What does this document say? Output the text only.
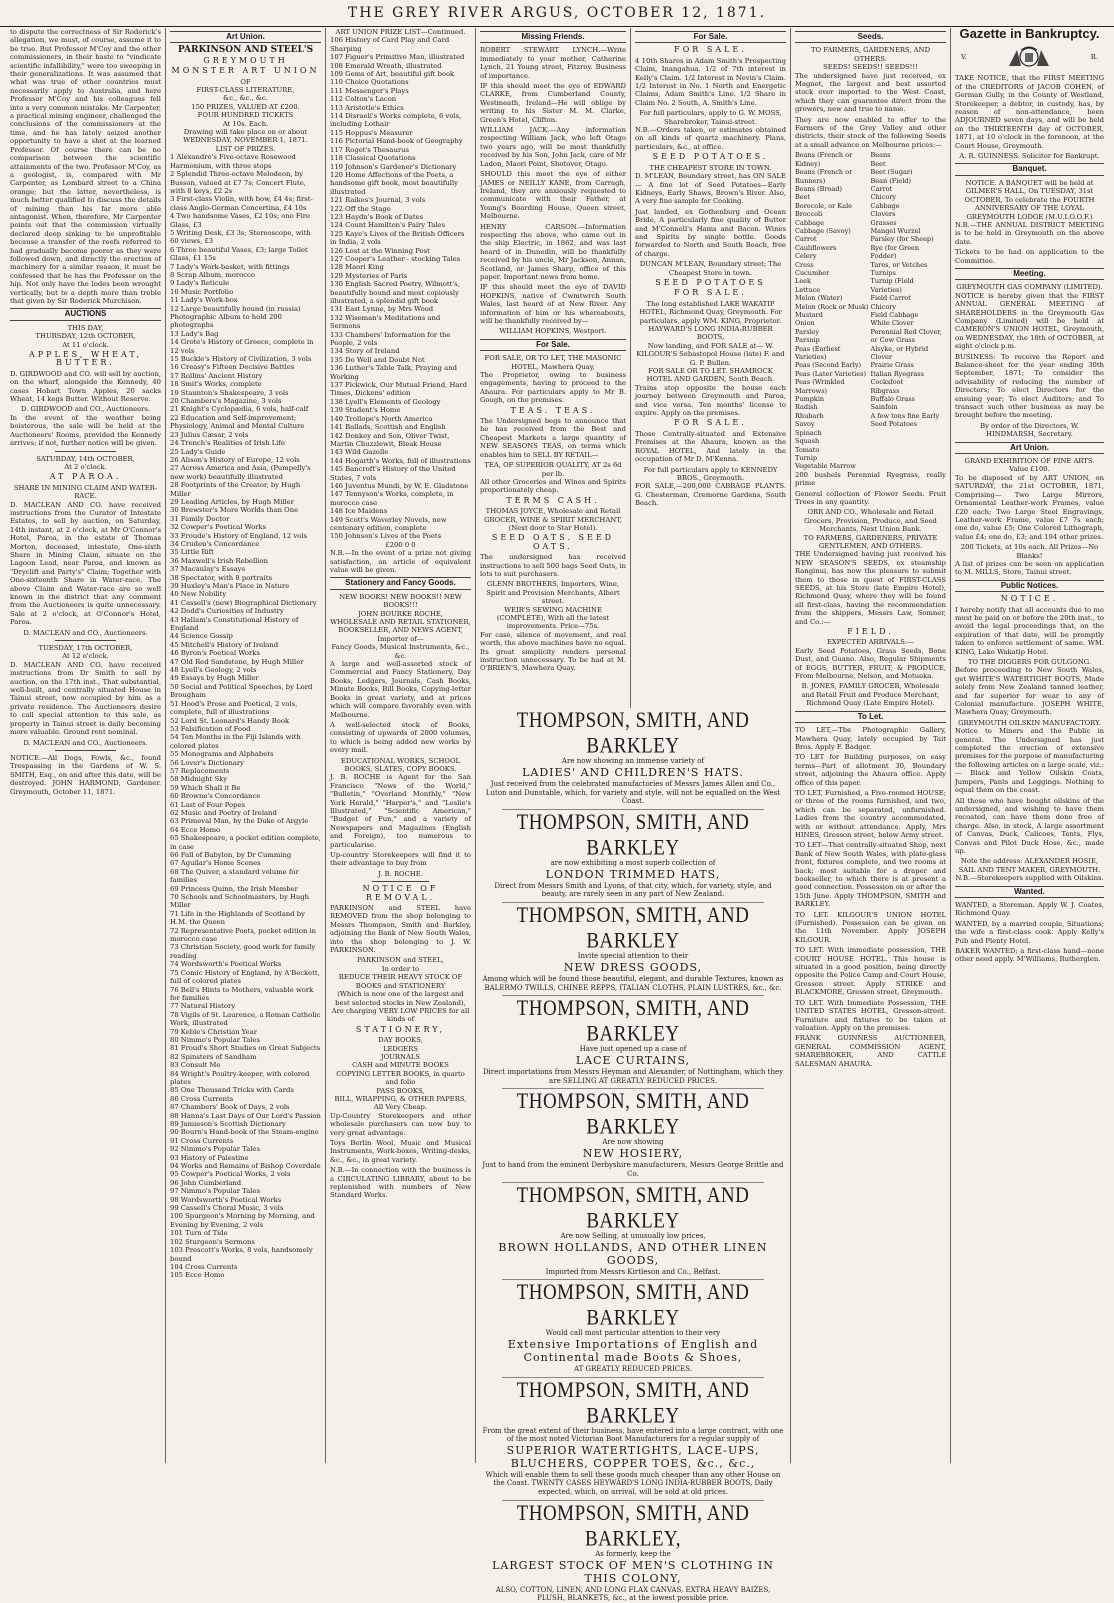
THE GREY RIVER ARGUS, OCTOBER 12, 1871.

to dispute the correctness of Sir Roderick's allegation, we must, of course, assume it to be true. But Professor M'Coy and the other commissioners, in their haste to "vindicate scientific infallibility," were too sweeping in their generalizations. It was assumed that what was true of other countries must necessarily apply to Australia, and here Professor M'Coy and his colleagues fell into a very common mistake. Mr Carpenter, a practical mining engineer, challenged the conclusions of the commissioners at the time, and he has lately seized another opportunity to have a shot at the learned Professor. Of course there can be no comparison between the scientific attainments of the two. Professor M'Coy, as a geologist, is, compared with Mr Carpenter, as Lombard street to a China orange; but the latter, nevertheless, is much better qualified to discuss the details of mining than his far more able antagonist. When, therefore, Mr Carpenter points out that the commission virtually declared deep sinking to be unprofitable because a transfer of the reefs referred to had gradually become poorer as they were followed down, and directly the erection of machinery for a similar reason, it must be confessed that he has the Professor on the hip. Not only have the lodes been wrought vertically, but to a depth more than treble that given by Sir Roderick Murchison.

AUCTIONS
THIS DAY,
THURSDAY, 12th OCTOBER,
At 11 o'clock.
APPLES, WHEAT, BUTTER.

D. GIRDWOOD and CO. will sell by auction, on the wharf, alongside the Kennedy, 40 cases Hobart Town Apples, 20 sacks Wheat, 14 kegs Butter. Without Reserve.

D. GIRDWOOD and CO., Auctioneers.

In the event of the weather being boisterous, the sale will be held at the Auctioneers' Rooms, provided the Kennedy arrives; if not, further notice will be given.

SATURDAY, 14th OCTOBER,
At 2 o'clock.
AT PAROA.
SHARE IN MINING CLAIM AND WATER-RACE.

D. MACLEAN AND CO. have received instructions from the Curator of Intestate Estates, to sell by auction, on Saturday, 14th instant, at 2 o'clock, at Mr O'Connor's Hotel, Paroa, in the estate of Thomas Morton, deceased, intestate, One-sixth Share in Mining Claim, situate on the Lagoon Lead, near Paroa, and known as "Dryclift and Party's" Claim; Together with One-sixteenth Share in Water-race. The above Claim and Water-race are so well known in the district that any comment from the Auctioneers is quite unnecessary. Sale at 2 o'clock, at O'Connor's Hotel, Paroa.

D. MACLEAN and CO., Auctioneers.
TUESDAY, 17th OCTOBER,
At 12 o'clock.

D. MACLEAN AND CO. have received instructions from Dr Smith to sell by auction, on the 17th inst., That substantial, well-built, and centrally situated House in Tainui street, now occupied by him as a private residence. The Auctioneers desire to call special attention to this sale, as property in Tainui street is daily becoming more valuable. Ground rent nominal.

D. MACLEAN and CO., Auctioneers.

NOTICE.—All Dogs, Fowls, &c., found Trespassing in the Gardens of W. S. SMITH, Esq., on and after this date, will be destroyed. JOHN HARMOND, Gardener. Greymouth, October 11, 1871.

Art Union.
PARKINSON AND STEEL'S
GREYMOUTH
MONSTER ART UNION
OF
FIRST-CLASS LITERATURE,
&c., &c., &c.
150 PRIZES, VALUED AT £200.
FOUR HUNDRED TICKETS
At 10s. Each.
Drawing will take place on or about
WEDNESDAY, NOVEMBER 1, 1871.
LIST OF PRIZES.
1 Alexandre's Five-octave Rosewood Harmonium, with three stops
2 Splendid Three-octave Melodeon, by Busson, valued at £7 7s; Concert Flute, with 8 keys, £2 2s
3 First-class Violin, with bow, £4 4s; first-class Anglo-German Concertina, £4 10s
4 Two handsome Vases, £2 10s; one Fire Glass, £3
5 Writing Desk, £3 3s; Stereoscope, with 60 views, £3
6 Three beautiful Vases, £3; large Toilet Glass, £1 15s
7 Lady's Work-basket, with fittings
8 Scrap Album, morocco
9 Lady's Reticule
10 Music Portfolio
11 Lady's Work-box
12 Large beautifully bound (in russia) Photographic Album to hold 200 photographs
13 Lady's Bag
14 Grote's History of Greece, complete in 12 vols
15 Buckle's History of Civilization, 3 vols
16 Creasy's Fifteen Decisive Battles
17 Rollins' Ancient History
18 Smit's Works, complete
19 Staunton's Shakespeare, 3 vols
20 Chambers's Magazine, 3 vols
21 Knight's Cyclopædia, 6 vols, half-calf
22 Education and Self-improvement; Physiology, Animal and Mental Culture
23 Julius Cæsar, 2 vols
24 Trench's Realities of Irish Life
25 Lady's Guide
26 Alison's History of Europe, 12 vols
27 Across America and Asia, (Pumpelly's new work) beautifully illustrated
28 Footprints of the Creator, by Hugh Miller
29 Leading Articles, by Hugh Miller
30 Brewster's More Worlds than One
31 Family Doctor
32 Cowper's Poetical Works
33 Froude's History of England, 12 vols
34 Cruden's Concordance
35 Little Rift
36 Maxwell's Irish Rebellion
37 Macaulay's Essays
38 Spectator, with 8 portraits
39 Huxley's Man's Place in Nature
40 New Nobility
41 Cassell's (new) Biographical Dictionary
42 Dodd's Curiosities of Industry
43 Hallam's Constitutional History of England
44 Science Gossip
45 Mitchell's History of Ireland
46 Byron's Poetical Works
47 Old Red Sandstone, by Hugh Miller
48 Lyell's Geology, 2 vols
49 Essays by Hugh Miller
50 Social and Political Speeches, by Lord Brougham
51 Hood's Prose and Poetical, 2 vols, complete, full of illustrations
52 Lord St. Leonard's Handy Book
53 Falsification of Food
54 Ten Months in the Fiji Islands with colored plates
55 Monograms and Alphabets
56 Lover's Dictionary
57 Replacements
58 Midnight Sky
59 Which Shall it Be
60 Browne's Concordance
61 Last of Four Popes
62 Music and Poetry of Ireland
63 Primeval Man, by the Duke of Argyle
64 Ecce Homo
65 Shakespeare, a pocket edition complete, in case
66 Fall of Babylon, by Dr Cumming
67 Aguilar's Home Scenes
68 The Quiver, a standard volume for families
69 Princess Quinn, the Irish Member
70 Schools and Schoolmasters, by Hugh Miller
71 Life in the Highlands of Scotland by H.M. the Queen
72 Representative Poets, pocket edition in morocco case
73 Christian Society, good work for family reading
74 Wordsworth's Poetical Works
75 Comic History of England, by A'Beckett, full of colored plates
76 Bell's Hints to Mothers, valuable work for families
77 Natural History
78 Vigils of St. Laurence, a Roman Catholic Work, illustrated
79 Keble's Christian Year
80 Nimmo's Popular Tales
81 Froud's Short Studies on Great Subjects
82 Spinsters of Sandham
83 Consult Me
84 Wright's Poultry-keeper, with colored plates
85 One Thousand Tricks with Cards
86 Cross Currents
87 Chambers' Book of Days, 2 vols
88 Hanna's Last Days of Our Lord's Passion
89 Jamieson's Scottish Dictionary
90 Bourn's Hand-book of the Steam-engine
91 Cross Currents
92 Nimmo's Popular Tales
93 History of Palestine
94 Works and Remains of Bishop Coverdale
95 Cowper's Poetical Works, 2 vols
96 John Cumberland
97 Nimmo's Popular Tales
98 Wordsworth's Poetical Works
99 Cassell's Choral Music, 3 vols
100 Spurgeon's Morning by Morning, and Evening by Evening, 2 vols
101 Turn of Tide
102 Sturgeon's Sermons
103 Prescott's Works, 8 vols, handsomely bound
104 Cross Currents
105 Ecce Homo
ART UNION PRIZE LIST—Continued.
106 History of Card Play and Card Sharping
107 Figuer's Primitive Man, illustrated
108 Emerald Wreath, illustrated
109 Gems of Art, beautiful gift book
110 Choice Quotations
111 Messenger's Plays
112 Colton's Lacon
113 Aristotle's Ethics
114 Disraeli's Works complete, 6 vols, including Lothair
115 Hoppus's Measurer
116 Pictorial Hand-book of Geography
117 Roget's Thesaurus
118 Classical Quotations
119 Johnson's Gardener's Dictionary
120 Home Affections of the Poets, a handsome gift book, most beautifully illustrated
121 Raikes's Journal, 3 vols
122 Off the Stage
123 Haydn's Book of Dates
124 Count Hamilton's Fairy Tales
125 Kaye's Lives of the British Officers in India, 2 vols
126 Lost at the Winning Post
127 Cooper's Leather - stocking Tales
128 Maori King
129 Mysteries of Paris
130 English Sacred Poetry, Wilmott's, beautifully bound and most copiously illustrated, a splendid gift book
131 East Lynne, by Mrs Wood
132 Wiseman's Meditations and Sermons
133 Chambers' Information for the People, 2 vols
134 Story of Ireland
135 Do Well and Doubt Not
136 Luther's Table Talk, Praying and Working
137 Pickwick, Our Mutual Friend, Hard Times, Dickens' edition
138 Lyell's Elements of Geology
139 Student's Home
140 Trollope's North America
141 Ballads, Scottish and English
142 Donkey and Son, Oliver Twist, Martin Chuzzlewit, Bleak House
143 Wild Gazelle
144 Hogarth's Works, full of illustrations
145 Bancroft's History of the United States, 7 vols
146 Juventus Mundi, by W. E. Gladstone
147 Tennyson's Works, complete, in morocco case
148 Ice Maidens
149 Scott's Waverley Novels, new centenary edition, complete
150 Johnson's Lives of the Poets
£200 0 0

N.B.—In the event of a prize not giving satisfaction, an article of equivalent value will be given.

Stationery and Fancy Goods.
NEW BOOKS! NEW BOOKS!! NEW BOOKS!!!
JOHN BOURKE ROCHE,
WHOLESALE AND RETAIL STATIONER, BOOKSELLER, AND NEWS AGENT,
Importer of—
Fancy Goods, Musical Instruments, &c., &c.

A large and well-assorted stock of Commercial and Fancy Stationery, Day Books, Ledgers, Journals, Cash Books, Minute Books, Bill Books, Copying-letter Books in great variety, and at prices which will compare favorably even with Melbourne.

A well-selected stock of Books, consisting of upwards of 2000 volumes, to which is being added new works by every mail.

EDUCATIONAL WORKS, SCHOOL BOOKS, SLATES, COPY BOOKS.

J. B. ROCHE is Agent for the San Francisco "News of the World," "Bulletin," "Overland Monthly," "New York Herald," "Harper's," and "Leslie's Illustrated," "Scientific American," "Budget of Fun," and a variety of Newspapers and Magazines (English and Foreign), too numerous to particularise.

Up-country Storekeepers will find it to their advantage to buy from

J. B. ROCHE.
NOTICE OF REMOVAL.

PARKINSON and STEEL have REMOVED from the shop belonging to Messrs Thompson, Smith and Barkley, adjoining the Bank of New South Wales, into the shop belonging to J. W. PARKINSON.

PARKINSON and STEEL,
In order to
REDUCE THEIR HEAVY STOCK OF
BOOKS and STATIONERY
(Which is now one of the largest and best selected stocks in New Zealand),
Are charging VERY LOW PRICES for all kinds of
STATIONERY,
DAY BOOKS,
LEDGERS
JOURNALS
CASH and MINUTE BOOKS
COPYING LETTER BOOKS, in quarto and folio
PASS BOOKS,
BILL, WRAPPING, & OTHER PAPERS, All Very Cheap.

Up-Country Storekeepers and other wholesale purchasers can now buy to very great advantage.

Toys Berlin Wool, Music and Musical Instruments, Work-boxes, Writing-desks, &c., &c., in great variety.

N.B.—In connection with the business is a CIRCULATING LIBRARY, about to be replenished with numbers of New Standard Works.

Missing Friends.

ROBERT STEWART LYNCH.—Write immediately to your mother, Catherine Lynch, 21 Young street, Fitzroy. Business of importance.

IF this should meet the eye of EDWARD CLARKE, from Cumberland County, Westmeath, Ireland—He will oblige by writing to his Sister M. M. Clarke, Green's Hotel, Clifton.

WILLIAM JACK.—Any information respecting William Jack, who left Otago two years ago, will be most thankfully received by his Son, John Jack, care of Mr Ladon, Maori Point, Shotover, Otago.

SHOULD this meet the eye of either JAMES or NEILLY KANE, from Carragh, Ireland, they are anxiously requested to communicate with their Father, at Young's Boarding House, Queen street, Melbourne.

HENRY CARSON.—Information respecting the above, who came out in the ship Electric, in 1862, and was last heard of in Dunedin, will be thankfully received by his uncle, Mr Jackson, Annan, Scotland, or James Sharp, office of this paper. Important news from home.

IF this should meet the eye of DAVID HOPKINS, native of Cwmtwrch South Wales, last heard of at New River. Any information of him or his whereabouts, will be thankfully received by—

WILLIAM HOPKINS, Westport.
For Sale.
FOR SALE, OR TO LET, THE MASONIC HOTEL, Mawhera Quay,

The Proprietor, owing to business engagements, having to proceed to the Ahaura. For particulars apply to Mr B. Gough, on the premises.

TEAS. TEAS.

The Undersigned begs to announce that he has received from the Best and Cheapest Markets a large quantity of NEW SEASONS TEAS, on terms which enables him to SELL BY RETAIL—

TEA, OF SUPERIOR QUALITY, AT 2s 6d per lb.

All other Groceries and Wines and Spirits proportionately cheap.

TERMS CASH.
THOMAS JOYCE, Wholesale and Retail GROCER, WINE & SPIRIT MERCHANT, (Next door to Star Hotel).
SEED OATS. SEED OATS.

The undersigned has received instructions to sell 500 bags Seed Oats, in lots to suit purchasers.

GLENN BROTHERS, Importers, Wine, Spirit and Provision Merchants, Albert street.
WEIR'S SEWING MACHINE (COMPLETE), With all the latest improvements. Price—75s.

For case, silence of movement, and real worth, the above machines have no equal. Its great simplicity renders personal instruction unnecessary. To be had at M. O'BRIEN'S, Mawhera Quay.

For Sale.
FOR SALE.

4 10th Shares in Adam Smith's Prospecting Claim, Inangahua. 1/2 of 7th interest in Kelly's Claim. 1/2 Interest in Nevin's Claim. 1/2 Interest in No. 1 North and Energetic Claims, Adam Smith's Line. 1/2 Share in Claim No. 2 South, A. Smith's Line.

For full particulars, apply to G. W. MOSS, Sharebroker, Tainui-street.

N.B.—Orders taken, or estimates obtained on all kinds of quartz machinery. Plans, particulars, &c., at office.

SEED POTATOES.
THE CHEAPEST STORE IN TOWN.

D. M'LEAN, Boundary street, has ON SALE— A fine lot of Seed Potatoes—Early Kidneys, Early Shaws, Brown's River. Also, A very fine sample for Cooking.

Just landed, ex Gothenburg and Ocean Bride, A particularly fine quality of Butter and M'Connell's Hams and Bacon. Wines and Spirits by single bottle. Goods forwarded to North and South Beach, free of charge.

DUNCAN M'LEAN, Boundary street; The Cheapest Store in town.
SEED POTATOES
FOR SALE.
The long established LAKE WAKATIP HOTEL, Richmond Quay, Greymouth. For particulars, apply WM. KING, Proprietor.
HAYWARD'S LONG INDIA-RUBBER BOOTS,
Now landing, and FOR SALE at— W. KILGOUR'S Sebastopol House (late) F. and G. P. Bullen.
FOR SALE OR TO LET. SHAMROCK HOTEL AND GARDEN, South Beach.

Trains stop opposite the house each journey between Greymouth and Paroa, and vice versa. Ten months' license to expire. Apply on the premises.

FOR SALE.

Those Centrally-situated and Extensive Premises at the Ahaura, known as the ROYAL HOTEL, And lately in the occupation of Mr D. M'Kenna.

For full particulars apply to KENNEDY BROS., Greymouth.

FOR SALE,—200,000 CABBAGE PLANTS. G. Chesterman, Cremorne Gardens, South Beach.

THOMPSON, SMITH, AND BARKLEY
Are now showing an immense variety of
LADIES' AND CHILDREN'S HATS.
Just received from the celebrated manufactories of Messrs James Allen and Co., Luton and Dunstable, which, for variety and style, will not be equalled on the West Coast.
THOMPSON, SMITH, AND BARKLEY
are now exhibiting a most superb collection of
LONDON TRIMMED HATS,
Direct from Messrs Smith and Lyons, of that city, which, for variety, style, and beauty, are rarely seen in any part of New Zealand.
THOMPSON, SMITH, AND BARKLEY
Invite special attention to their
NEW DRESS GOODS,
Among which will be found those beautiful, elegant, and durable Textures, known as BALERMO TWILLS, CHINEE REPPS, ITALIAN CLOTHS, PLAIN LUSTRES, &c., &c.
THOMPSON, SMITH, AND BARKLEY
Have just opened up a case of
LACE CURTAINS,
Direct importations from Messrs Heyman and Alexander, of Nottingham, which they are SELLING AT GREATLY REDUCED PRICES.
THOMPSON, SMITH, AND BARKLEY
Are now showing
NEW HOSIERY,
Just to hand from the eminent Derbyshire manufacturers, Messrs George Brittle and Co.
THOMPSON, SMITH, AND BARKLEY
Are now Selling, at unusually low prices,
BROWN HOLLANDS, AND OTHER LINEN GOODS,
Imported from Messrs Kirtleson and Co., Belfast.
THOMPSON, SMITH, AND BARKLEY
Would call most particular attention to their very
Extensive Importations of English and Continental made Boots & Shoes,
AT GREATLY REDUCED PRICES.
THOMPSON, SMITH, AND BARKLEY
From the great extent of their business, have entered into a large contract, with one of the most noted Victorian Boot Manufacturers for a regular supply of
SUPERIOR WATERTIGHTS, LACE-UPS, BLUCHERS, COPPER TOES, &c., &c.,
Which will enable them to sell these goods much cheaper than any other House on the Coast. TWENTY CASES HEYWARD'S LONG INDIA-RUBBER BOOTS, Daily expected, which, on arrival, will be sold at old prices.
THOMPSON, SMITH, AND BARKLEY,
As formerly, keep the
LARGEST STOCK OF MEN'S CLOTHING IN THIS COLONY,
ALSO, COTTON, LINEN, AND LONG FLAX CANVAS, EXTRA HEAVY BAIZES, PLUSH, BLANKETS, &c., at the lowest possible price.
Seeds.
TO FARMERS, GARDENERS, AND OTHERS.
SEEDS! SEEDS!! SEEDS!!!

The undersigned have just received, ex Magnet, the largest and best assorted stock ever imported to the West Coast, which they can guarantee direct from the growers, new and true to name.

They are now enabled to offer to the Farmers of the Grey Valley and other districts, their stock of the following Seeds at a small advance on Melbourne prices:—

Beans (French or Kidney)
Beans (French or Runners)
Beans (Broad)
Beet
Borecole, or Kale
Broccoli
Cabbage
Cabbage (Savoy)
Carrot
Cauliflowers
Celery
Cress
Cucumber
Leek
Lettuce
Melon (Water)
Melon (Rock or Musk)
Mustard
Onion
Parsley
Parsnip
Peas (Earliest Varieties)
Peas (Second Early)
Peas (Later Varieties)
Peas (Wrinkled Marrows)
Pumpkin
Radish
Rhubarb
Savoy
Spinach
Squash
Tomato
Turnip
Vegetable Marrow
Beans
Beet
Beet (Sugar)
Bean (Field)
Carrot
Chicory
Cabbage
Clovers
Grasses
Mangel Wurzel
Parsley (for Sheep)
Rye (for Green Fodder)
Tares, or Vetches
Turnips
Turnip (Field Varieties)
Field Carrot
Chicory
Field Cabbage
White Clover
Perennial Red Clover, or Cow Grass
Alsyke, or Hybrid Clover
Prairie Grass
Italian Ryegrass
Cocksfoot
Ribgrass
Buffalo Grass
Sainfoin
A few tons fine Early Seed Potatoes

200 bushels Perennial Ryegrass, really prime

General collection of Flower Seeds. Fruit Trees in any quantity.

ORR AND CO., Wholesale and Retail Grocers, Provision, Produce, and Seed Merchants, Next Union Bank.
TO FARMERS, GARDENERS, PRIVATE GENTLEMEN, AND OTHERS.

THE Undersigned having just received his NEW SEASON'S SEEDS, ex steamship Ranginui, has now the pleasure to submit them to those in quest of FIRST-CLASS SEEDS, at his Store (late Empire Hotel), Richmond Quay, where they will be found all first-class, having the recommendation from the shippers, Messrs Law, Somner, and Co.:—

FIELD.
EXPECTED ARRIVALS:—

Early Seed Potatoes, Grass Seeds, Bone Dust, and Guano. Also, Regular Shipments of EGGS, BUTTER, FRUIT, & PRODUCE, From Melbourne, Nelson, and Motueka.

B. JONES, FAMILY GROCER, Wholesale and Retail Fruit and Produce Merchant, Richmond Quay (Late Empire Hotel).
To Let.

TO LET,—The Photographic Gallery, Mawhera Quay, lately occupied by Tait Bros. Apply F. Badger.

TO LET for Building purposes, on easy terms—Part of allotment 30, Boundary street, adjoining the Ahaura office. Apply office of this paper.

TO LET, Furnished, a Five-roomed HOUSE; or three of the rooms furnished, and two, which can be separated, unfurnished. Ladies from the country accommodated, with or without attendance. Apply, Mrs HINES, Gresson street, below Army street.

TO LET—That centrally-situated Shop, next Bank of New South Wales, with plate-glass front, fixtures complete, and two rooms at back; most suitable for a draper and bookseller, to which there is at present a good connection. Possession on or after the 15th June. Apply THOMPSON, SMITH and BARKLEY.

TO LET. KILGOUR'S UNION HOTEL (Furnished). Possession can be given on the 11th November. Apply JOSEPH KILGOUR.

TO LET. With immediate possession, THE COURT HOUSE HOTEL. This house is situated in a good position, being directly opposite the Police Camp and Court House, Gresson street. Apply STRIKE and BLACKMORE, Gresson street, Greymouth.

TO LET. With Immediate Possession, THE UNITED STATES HOTEL, Gresson-street. Furniture and fixtures to be taken at valuation. Apply on the premises.

FRANK GUINNESS AUCTIONEER, GENERAL COMMISSION AGENT, SHAREBROKER, AND CATTLE SALESMAN AHAURA.

Gazette in Bankruptcy.
V.	R.

TAKE NOTICE, that the FIRST MEETING of the CREDITORS of JACOB COHEN, of German Gully, in the County of Westland, Storekeeper, a debtor, in custody, has, by reason of non-attendance, been ADJOURNED seven days, and will be held on the THIRTEENTH day of OCTOBER, 1871, at 10 o'clock in the forenoon, at the Court House, Greymouth.

A. R. GUINNESS. Solicitor for Bankrupt.
Banquet.
NOTICE. A BANQUET will be held at GILMER'S HALL, On TUESDAY, 31st OCTOBER, To celebrate the FOURTH ANNIVERSARY OF THE LOYAL GREYMOUTH LODGE (M.U.I.O.O.F.)

N.B.—THE ANNUAL DISTRICT MEETING is to be held in Greymouth on the above date.

Tickets to be had on application to the Committee.

Meeting.
GREYMOUTH GAS COMPANY (LIMITED).

NOTICE is hereby given that the FIRST ANNUAL GENERAL MEETING of SHAREHOLDERS in the Greymouth Gas Company (Limited) will be held at CAMERON'S UNION HOTEL, Greymouth, on WEDNESDAY, the 18th of OCTOBER, at eight o'clock p.m.

BUSINESS: To receive the Report and Balance-sheet for the year ending 30th September, 1871; To consider the advisability of reducing the number of Directors; To elect Directors for the ensuing year; To elect Auditors; and To transact such other business as may be brought before the meeting.

By order of the Directors, W. HINDMARSH, Secretary.
Art Union.
GRAND EXHIBITION OF FINE ARTS.
Value £100.

To be disposed of by ART UNION, on SATURDAY, the 21st OCTOBER, 1871, Comprising— Two Large Mirrors, Ornamental Leather-work Frames, value £20 each; Two Large Steel Engravings, Leather-work Frame, value £7 7s each; one do, value £5; One Colored Lithograph, value £4; one do, £3; and 194 other prizes.

200 Tickets, at 10s each. All Prizes—No Blanks!

A list of prizes can be seen on application to M. MILLS, Store, Tainui street.

Public Notices.
NOTICE.

I hereby notify that all accounts due to me must be paid on or before the 20th inst., to avoid the legal proceedings that, on the expiration of that date, will be promptly taken to enforce settlement of same. WM. KING, Lake Wakatip Hotel.

TO THE DIGGERS FOR GULGONG.

Before proceeding to New South Wales, get WHITE'S WATERTIGHT BOOTS, Made solely from New Zealand tanned leather, and far superior for wear to any of Colonial manufacture. JOSEPH WHITE, Mawhera Quay, Greymouth.

GREYMOUTH OILSKIN MANUFACTORY.

Notice to Miners and the Public in general. The Undersigned has just completed the erection of extensive premises for the purpose of manufacturing the following articles on a large scale, viz.:— Black and Yellow Oilskin Coats, Jumpers, Pants and Leggings. Nothing to equal them on the coast.

All those who have bought oilskins of the undersigned, and wishing to have them recoated, can have them done free of charge. Also, in stock, A large assortment of Canvas, Duck, Calicoes, Tents, Flys, Canvas and Pilot Duck Hose, &c., made up.

Note the address: ALEXANDER HOSIE, SAIL AND TENT MAKER, GREYMOUTH. N.B.—Storekeepers supplied with Oilskins.
Wanted.

WANTED, a Storeman. Apply W. J. Coates, Richmond Quay.

WANTED, by a married couple, Situations; the wife a first-class cook. Apply Kelly's Pub and Plenty Hotel.

BAKER WANTED; a first-class hand—none other need apply. M'Williams, Rutherglen.
